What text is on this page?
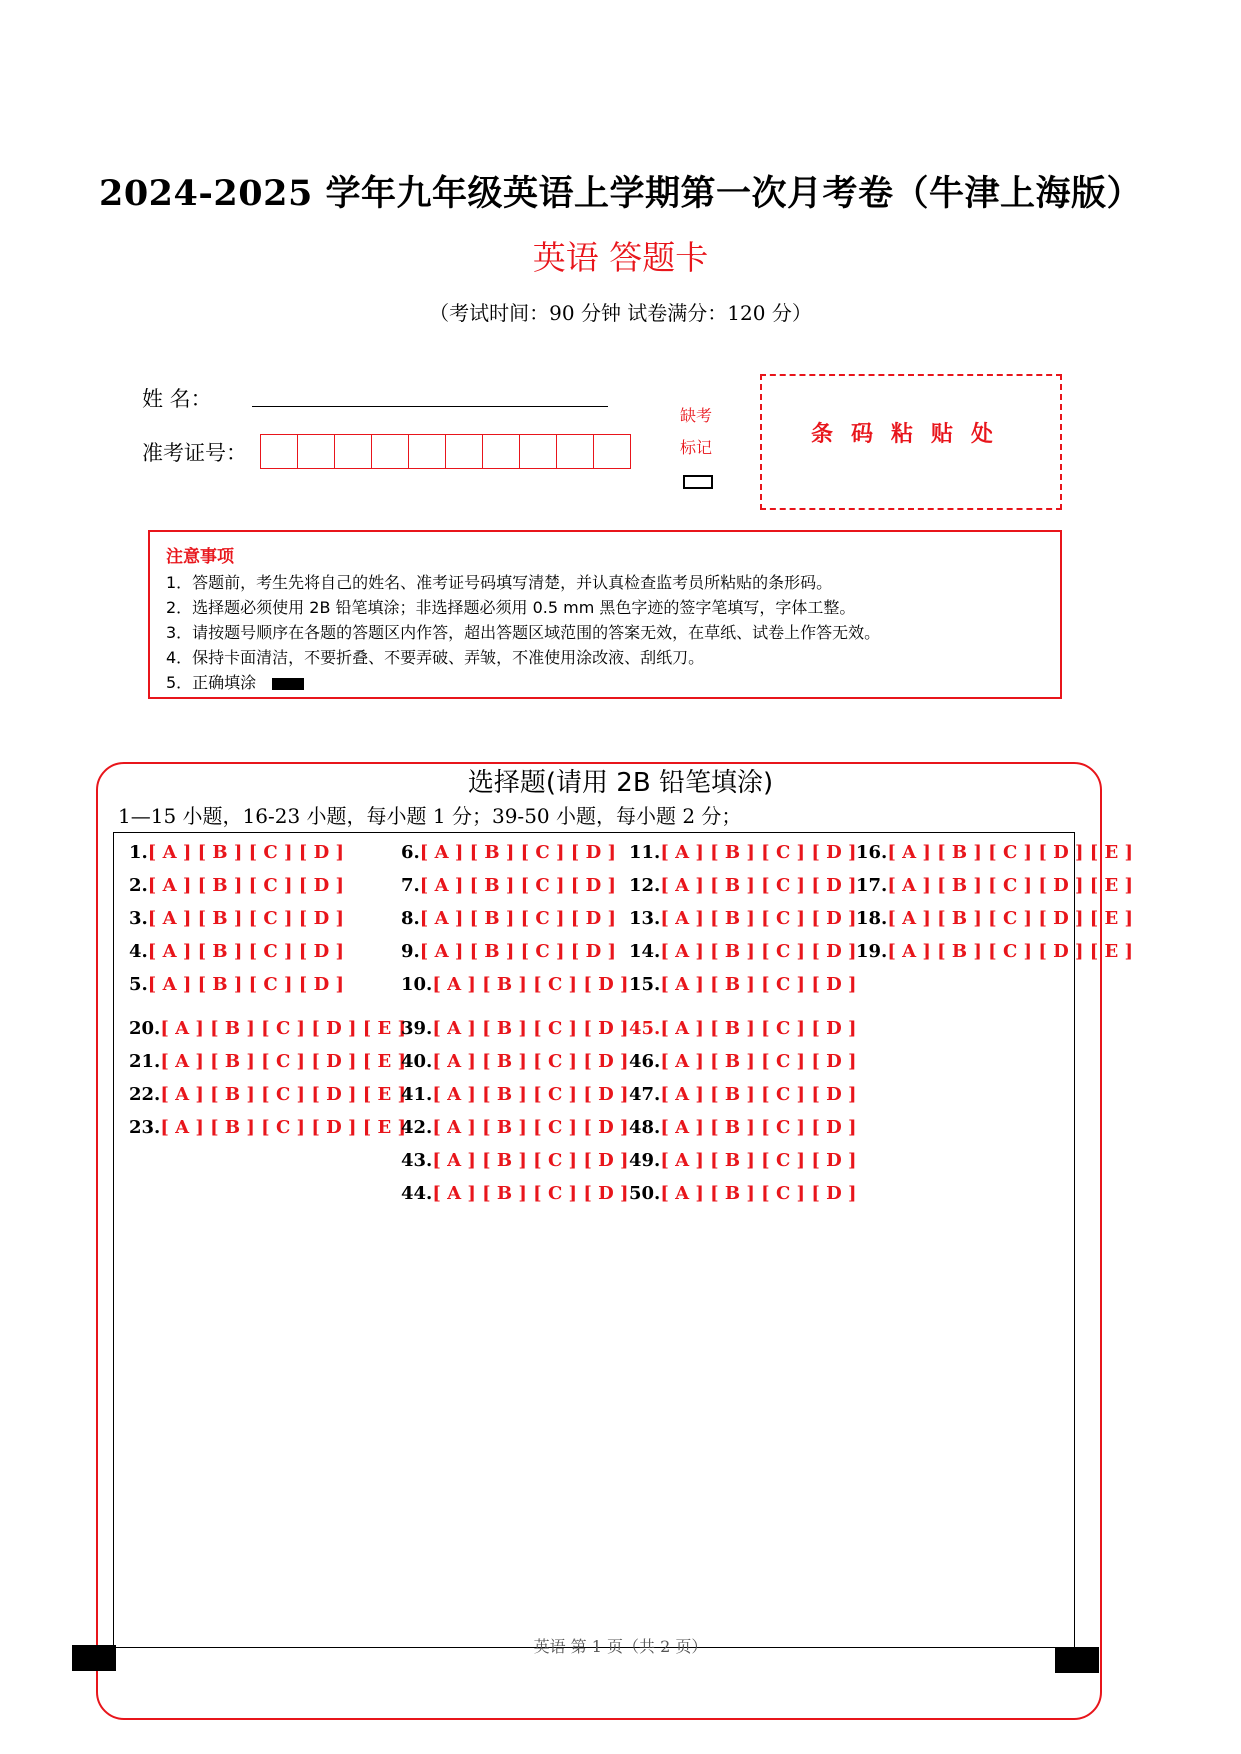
2024-2025 学年九年级英语上学期第一次月考卷（牛津上海版）
英语 答题卡
（考试时间：90 分钟 试卷满分：120 分）
姓 名：
准考证号：
缺考
标记
条码粘贴处
注意事项
1．答题前，考生先将自己的姓名、准考证号码填写清楚，并认真检查监考员所粘贴的条形码。
2．选择题必须使用 2B 铅笔填涂；非选择题必须用 0.5 mm 黑色字迹的签字笔填写，字体工整。
3．请按题号顺序在各题的答题区内作答，超出答题区域范围的答案无效，在草纸、试卷上作答无效。
4．保持卡面清洁，不要折叠、不要弄破、弄皱，不准使用涂改液、刮纸刀。
5．正确填涂
选择题(请用 2B 铅笔填涂)
1—15 小题，16-23 小题，每小题 1 分；39-50 小题，每小题 2 分；
1.[ A ] [ B ] [ C ] [ D ]
2.[ A ] [ B ] [ C ] [ D ]
3.[ A ] [ B ] [ C ] [ D ]
4.[ A ] [ B ] [ C ] [ D ]
5.[ A ] [ B ] [ C ] [ D ]
6.[ A ] [ B ] [ C ] [ D ]
7.[ A ] [ B ] [ C ] [ D ]
8.[ A ] [ B ] [ C ] [ D ]
9.[ A ] [ B ] [ C ] [ D ]
10.[ A ] [ B ] [ C ] [ D ]
11.[ A ] [ B ] [ C ] [ D ]
12.[ A ] [ B ] [ C ] [ D ]
13.[ A ] [ B ] [ C ] [ D ]
14.[ A ] [ B ] [ C ] [ D ]
15.[ A ] [ B ] [ C ] [ D ]
16.[ A ] [ B ] [ C ] [ D ] [ E ]
17.[ A ] [ B ] [ C ] [ D ] [ E ]
18.[ A ] [ B ] [ C ] [ D ] [ E ]
19.[ A ] [ B ] [ C ] [ D ] [ E ]
20.[ A ] [ B ] [ C ] [ D ] [ E ]
21.[ A ] [ B ] [ C ] [ D ] [ E ]
22.[ A ] [ B ] [ C ] [ D ] [ E ]
23.[ A ] [ B ] [ C ] [ D ] [ E ]
39.[ A ] [ B ] [ C ] [ D ]
40.[ A ] [ B ] [ C ] [ D ]
41.[ A ] [ B ] [ C ] [ D ]
42.[ A ] [ B ] [ C ] [ D ]
43.[ A ] [ B ] [ C ] [ D ]
44.[ A ] [ B ] [ C ] [ D ]
45.[ A ] [ B ] [ C ] [ D ]
46.[ A ] [ B ] [ C ] [ D ]
47.[ A ] [ B ] [ C ] [ D ]
48.[ A ] [ B ] [ C ] [ D ]
49.[ A ] [ B ] [ C ] [ D ]
50.[ A ] [ B ] [ C ] [ D ]
英语 第 1 页（共 2 页）
